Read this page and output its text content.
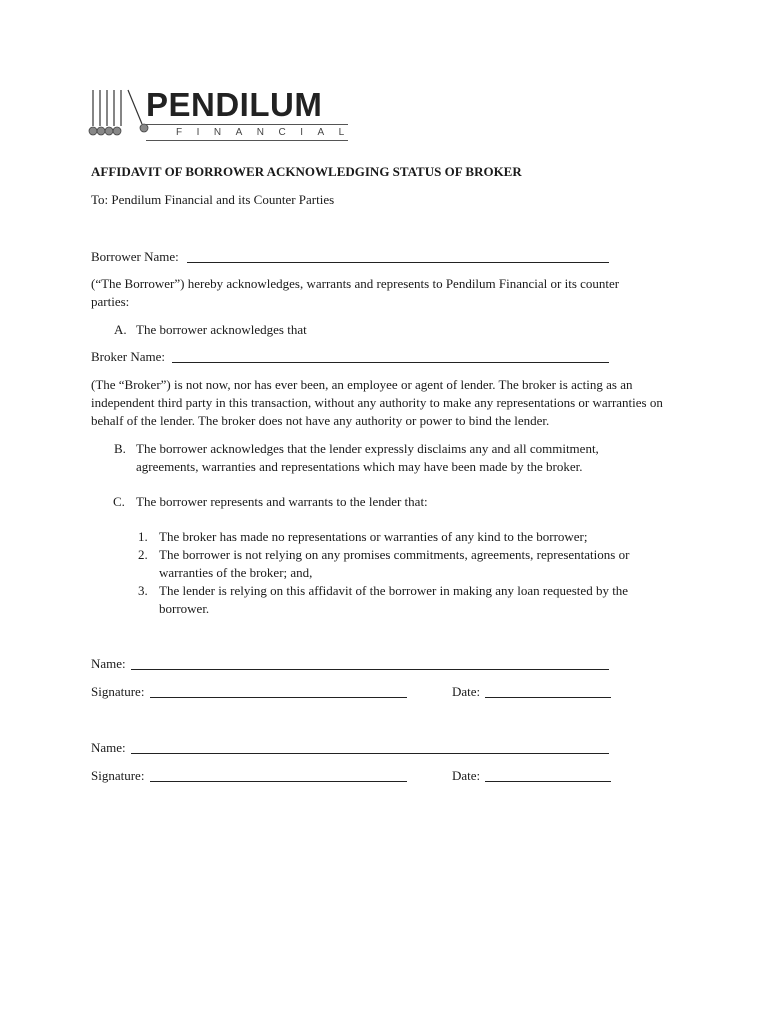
PENDILUM
FINANCIAL
AFFIDAVIT OF BORROWER ACKNOWLEDGING STATUS OF BROKER
To: Pendilum Financial and its Counter Parties
Borrower Name:
(“The Borrower”) hereby acknowledges, warrants and represents to Pendilum Financial or its counter parties:
A. The borrower acknowledges that
Broker Name:
(The “Broker”) is not now, nor has ever been, an employee or agent of lender. The broker is acting as an independent third party in this transaction, without any authority to make any representations or warranties on behalf of the lender. The broker does not have any authority or power to bind the lender.
B. The borrower acknowledges that the lender expressly disclaims any and all commitment, agreements, warranties and representations which may have been made by the broker.
C. The borrower represents and warrants to the lender that:
1. The broker has made no representations or warranties of any kind to the borrower;
2. The borrower is not relying on any promises commitments, agreements, representations or warranties of the broker; and,
3. The lender is relying on this affidavit of the borrower in making any loan requested by the borrower.
Name:
Signature:	Date:
Name:
Signature:	Date:
